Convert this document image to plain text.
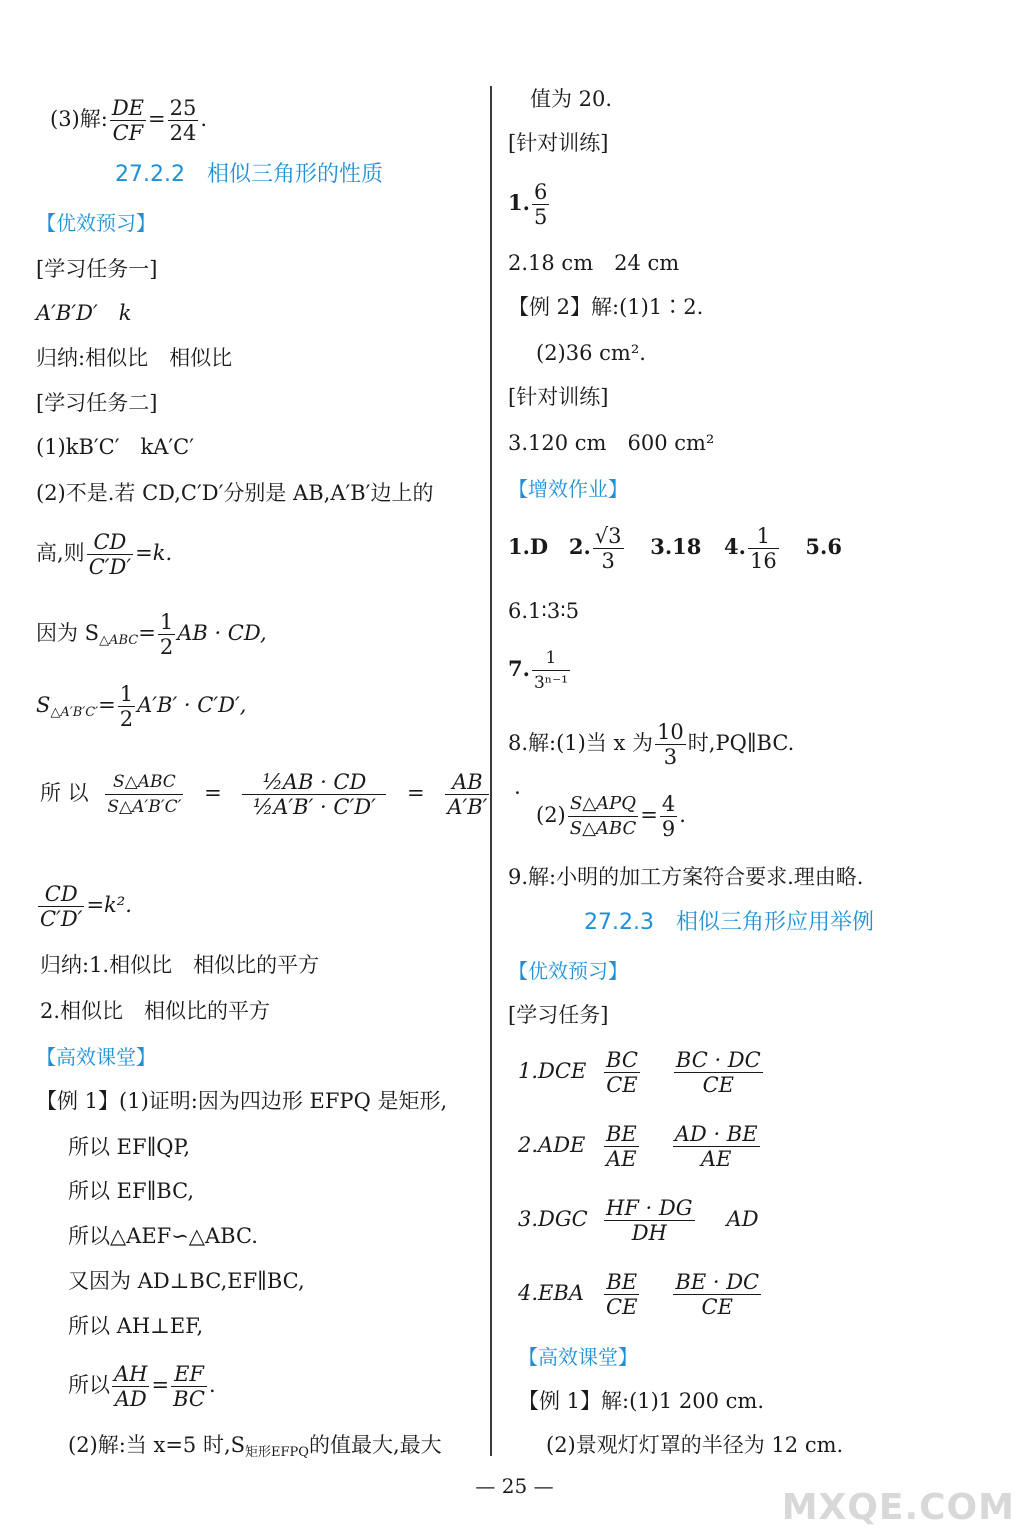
(3)解: $\frac{DE}{CF} = \frac{25}{24}$ .
27.2.2　相似三角形的性质
【优效预习】
[学习任务一]
A′B′D′　k
归纳:相似比　相似比
[学习任务二]
(1)kB′C′　kA′C′
(2)不是.若 CD,C′D′分别是 AB,A′B′边上的
高,则 $\frac{CD}{C'D'} =k$.
因为 $S_{\triangle ABC}= \frac{1}{2}$ AB · CD,
$S_{\triangle A'B'C'}= \frac{1}{2} A'B' \cdot C'D'$,
所 以 $\frac{\text{S△ABC}}{S\triangle A'B'C'} = \frac{\text{½AB · CD}}{\text{½A′B′ · C′D′}} = \frac{AB}{A'B'}$ ·
$\frac{CD}{C'D'} =k^2$.
归纳:1.相似比　相似比的平方
2.相似比　相似比的平方
【高效课堂】
【例 1】(1)证明:因为四边形 EFPQ 是矩形,
所以 EF∥QP,
所以 EF∥BC,
所以△AEF∽△ABC.
又因为 AD⊥BC,EF∥BC,
所以 AH⊥EF,
所以 $\frac{AH}{AD} = \frac{EF}{BC}$ .
(2)解:当 x=5 时$,S_{矩形EFPQ}$的值最大,最大
值为 20.
[针对训练]
1. $\frac{6}{5}$
2.18 cm　24 cm
【例 2】解:(1)1∶2.
(2)36 cm².
[针对训练]
3.120 cm　600 cm²
【增效作业】
1.D 2. $\frac{√3}{3} 3.18$ 4. $\frac{1}{16} 5.6$
6.1∶3∶5
7. $\frac{1}{\text{3ⁿ⁻¹}}$
8.解:(1)当 x 为 $\frac{10}{3}$ 时,PQ∥BC.
$(2) \frac{\text{S△APQ}}{\text{S△ABC}} = \frac{4}{9}$ .
9.解:小明的加工方案符合要求.理由略.
27.2.3　相似三角形应用举例
【优效预习】
[学习任务]
$1.DCE \frac{BC}{CE} \frac{BC \cdot DC}{CE}$
$2.ADE \frac{BE}{AE} \frac{AD \cdot BE}{AE}$
$3.DGC \frac{HF \cdot DG}{DH}$ AD
$4.EBA \frac{BE}{CE} \frac{BE \cdot DC}{CE}$
【高效课堂】
【例 1】解:(1)1 200 cm.
(2)景观灯灯罩的半径为 12 cm.
— 25 —
MXQE.COM
